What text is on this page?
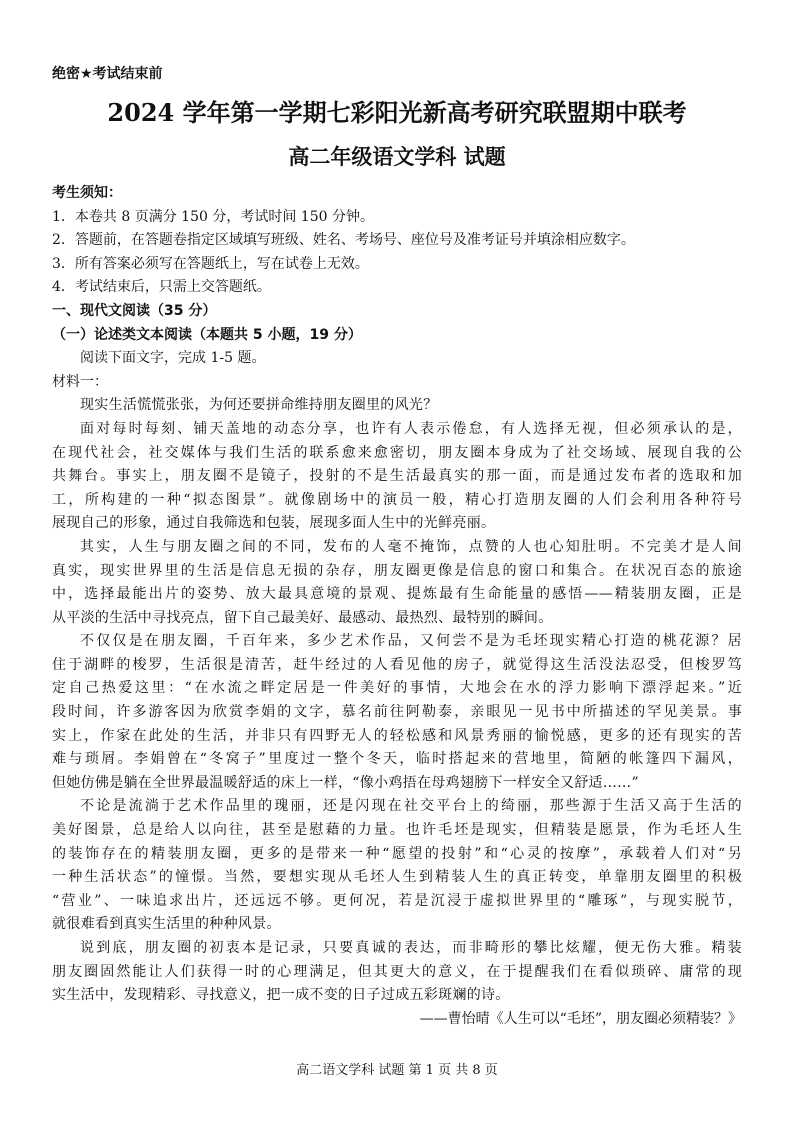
绝密★考试结束前
2024 学年第一学期七彩阳光新高考研究联盟期中联考
高二年级语文学科 试题
考生须知：
1．本卷共 8 页满分 150 分，考试时间 150 分钟。
2．答题前，在答题卷指定区域填写班级、姓名、考场号、座位号及准考证号并填涂相应数字。
3．所有答案必须写在答题纸上，写在试卷上无效。
4．考试结束后，只需上交答题纸。
一、现代文阅读（35 分）
（一）论述类文本阅读（本题共 5 小题，19 分）
阅读下面文字，完成 1-5 题。
材料一：
现实生活慌慌张张，为何还要拼命维持朋友圈里的风光？
面对每时每刻、铺天盖地的动态分享，也许有人表示倦怠，有人选择无视，但必须承认的是，
在现代社会，社交媒体与我们生活的联系愈来愈密切，朋友圈本身成为了社交场域、展现自我的公
共舞台。事实上，朋友圈不是镜子，投射的不是生活最真实的那一面，而是通过发布者的选取和加
工，所构建的一种“拟态图景”。就像剧场中的演员一般，精心打造朋友圈的人们会利用各种符号
展现自己的形象，通过自我筛选和包装，展现多面人生中的光鲜亮丽。
其实，人生与朋友圈之间的不同，发布的人毫不掩饰，点赞的人也心知肚明。不完美才是人间
真实，现实世界里的生活是信息无损的杂存，朋友圈更像是信息的窗口和集合。在状况百态的旅途
中，选择最能出片的姿势、放大最具意境的景观、提炼最有生命能量的感悟——精装朋友圈，正是
从平淡的生活中寻找亮点，留下自己最美好、最感动、最热烈、最特别的瞬间。
不仅仅是在朋友圈，千百年来，多少艺术作品，又何尝不是为毛坯现实精心打造的桃花源？居
住于湖畔的梭罗，生活很是清苦，赶牛经过的人看见他的房子，就觉得这生活没法忍受，但梭罗笃
定自己热爱这里：“在水流之畔定居是一件美好的事情，大地会在水的浮力影响下漂浮起来。”近
段时间，许多游客因为欣赏李娟的文字，慕名前往阿勒泰，亲眼见一见书中所描述的罕见美景。事
实上，作家在此处的生活，并非只有四野无人的轻松感和风景秀丽的愉悦感，更多的还有现实的苦
难与琐屑。李娟曾在“冬窝子”里度过一整个冬天，临时搭起来的营地里，简陋的帐篷四下漏风，
但她仿佛是躺在全世界最温暖舒适的床上一样，“像小鸡捂在母鸡翅膀下一样安全又舒适……”
不论是流淌于艺术作品里的瑰丽，还是闪现在社交平台上的绮丽，那些源于生活又高于生活的
美好图景，总是给人以向往，甚至是慰藉的力量。也许毛坯是现实，但精装是愿景，作为毛坯人生
的装饰存在的精装朋友圈，更多的是带来一种“愿望的投射”和“心灵的按摩”，承载着人们对“另
一种生活状态”的憧憬。当然，要想实现从毛坯人生到精装人生的真正转变，单靠朋友圈里的积极
“营业”、一味追求出片，还远远不够。更何况，若是沉浸于虚拟世界里的“雕琢”，与现实脱节，
就很难看到真实生活里的种种风景。
说到底，朋友圈的初衷本是记录，只要真诚的表达，而非畸形的攀比炫耀，便无伤大雅。精装
朋友圈固然能让人们获得一时的心理满足，但其更大的意义，在于提醒我们在看似琐碎、庸常的现
实生活中，发现精彩、寻找意义，把一成不变的日子过成五彩斑斓的诗。
——曹怡晴《人生可以“毛坯”，朋友圈必须精装？》
高二语文学科 试题 第 1 页 共 8 页
